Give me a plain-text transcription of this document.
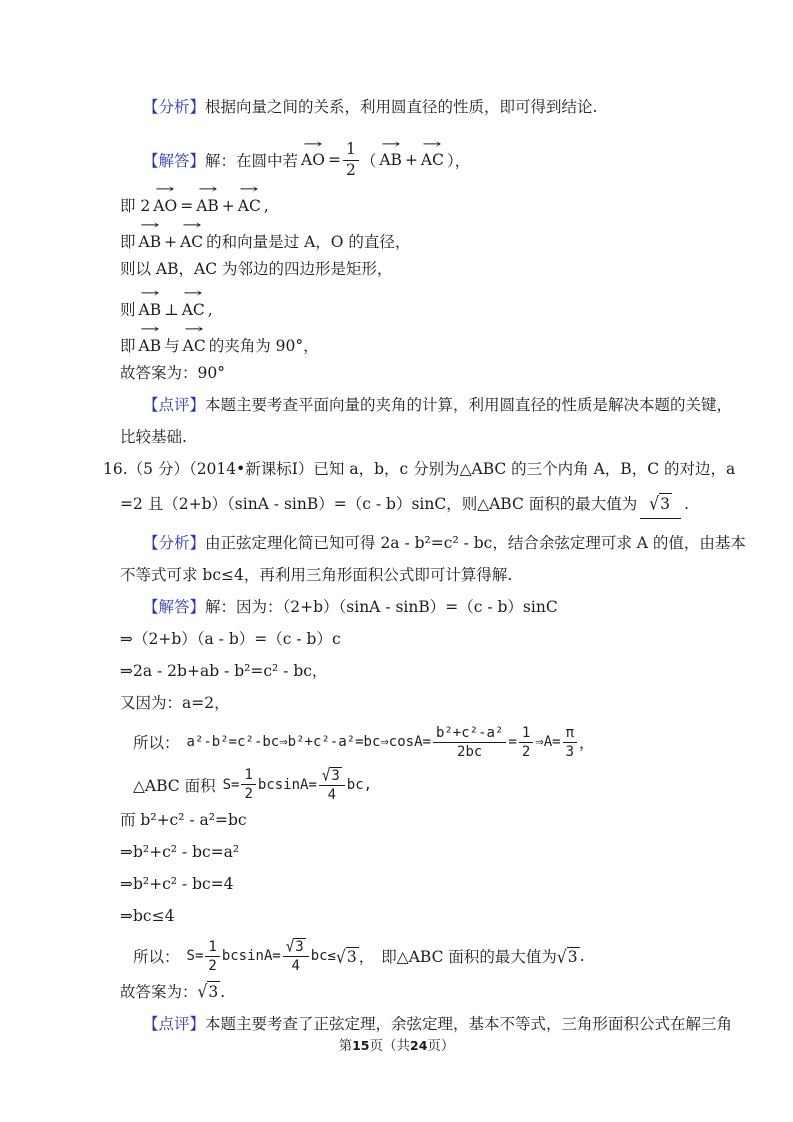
【分析】根据向量之间的关系，利用圆直径的性质，即可得到结论.

【解答】 解：在圆中若
→
AO = $\frac{1}{2}$ （
→
AB +
→
AC ），

即 2
→
AO =
→
AB +
→
AC ,

即
→
AB +
→
AC 的和向量是过 A，O 的直径，

则以 AB，AC 为邻边的四边形是矩形，

则
→
AB ⊥
→
AC ,

即
→
AB 与
→
AC 的夹角为 90°，

故答案为：90°

【点评】本题主要考查平面向量的夹角的计算，利用圆直径的性质是解决本题的关键，

比较基础.

16.（5 分）（2014•新课标Ⅰ）已知 a，b，c 分别为△ABC 的三个内角 A，B，C 的对边，a

=2 且（2+b）（sinA - sinB）=（c - b）sinC，则△ABC 面积的最大值为 √3 .

【分析】由正弦定理化简已知可得 2a - b²=c² - bc，结合余弦定理可求 A 的值，由基本

不等式可求 bc≤4，再利用三角形面积公式即可计算得解.

【解答】解：因为：（2+b）（sinA - sinB）=（c - b）sinC

⇒（2+b）（a - b）=（c - b）c

⇒2a - 2b+ab - b²=c² - bc，

又因为：a=2，

所以： a²-b²=c²-bc⇒b²+c²-a²=bc⇒cosA= $\frac{\text{b²+c²-a²}}{2bc} = \frac{1}{2}$ ⇒A= $\frac{\pi}{3}$ ，
△ABC 面积 $S= \frac{1}{2} bcsinA= \frac{√3}{4}$ bc,

而 b²+c² - a²=bc

⇒b²+c² - bc=a²

⇒b²+c² - bc=4

⇒bc≤4

所以： $S= \frac{1}{2} bcsinA= \frac{√3}{4} bc\le √3$ ， 即△ABC 面积的最大值为 √3 .

故答案为：√3 .

【点评】本题主要考查了正弦定理，余弦定理，基本不等式，三角形面积公式在解三角

第15页（共24页）
